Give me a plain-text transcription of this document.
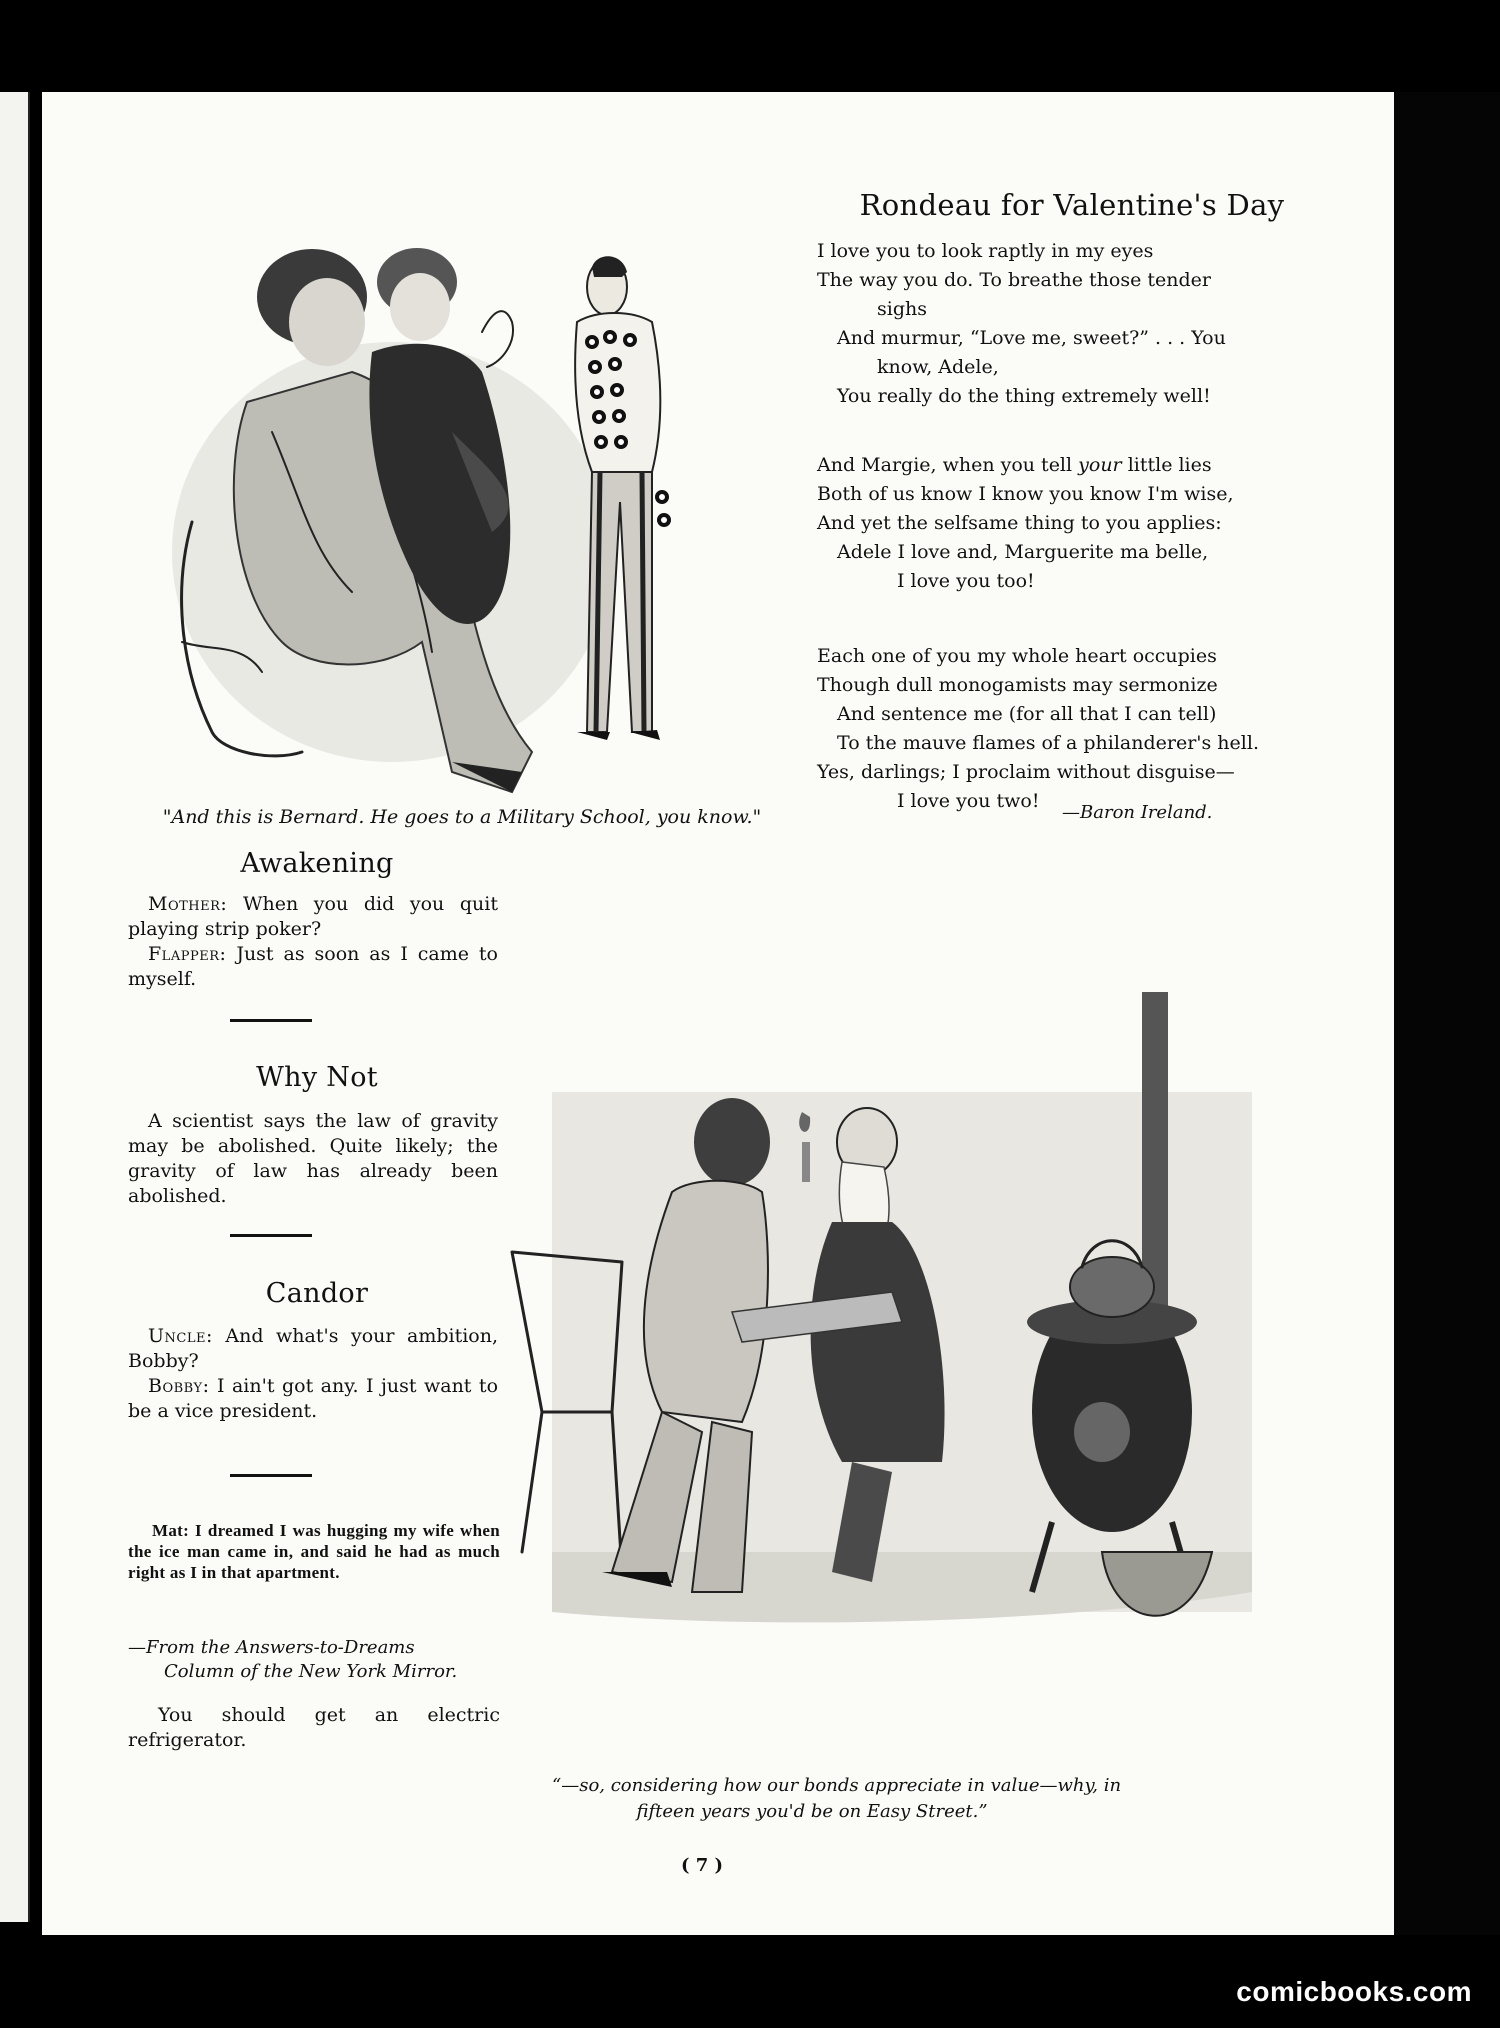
"And this is Bernard. He goes to a Military School, you know."
Rondeau for Valentine's Day
I love you to look raptly in my eyes
The way you do. To breathe those tender
sighs
And murmur, “Love me, sweet?” . . . You
know, Adele,
You really do the thing extremely well!
And Margie, when you tell your little lies
Both of us know I know you know I'm wise,
And yet the selfsame thing to you applies:
Adele I love and, Marguerite ma belle,
I love you too!
Each one of you my whole heart occupies
Though dull monogamists may sermonize
And sentence me (for all that I can tell)
To the mauve flames of a philanderer's hell.
Yes, darlings; I proclaim without disguise—
I love you two!
—Baron Ireland.
Awakening
Mother: When you did you quit playing strip poker?
Flapper: Just as soon as I came to myself.
Why Not
A scientist says the law of gravity may be abolished. Quite likely; the gravity of law has already been abolished.
Candor
Uncle: And what's your ambition, Bobby?
Bobby: I ain't got any. I just want to be a vice president.
Mat: I dreamed I was hugging my wife when the ice man came in, and said he had as much right as I in that apartment.
—From the Answers-to-Dreams
Column of the New York Mirror.
You should get an electric refrigerator.
“—so, considering how our bonds appreciate in value—why, in
fifteen years you'd be on Easy Street.”
( 7 )
comicbooks.com
